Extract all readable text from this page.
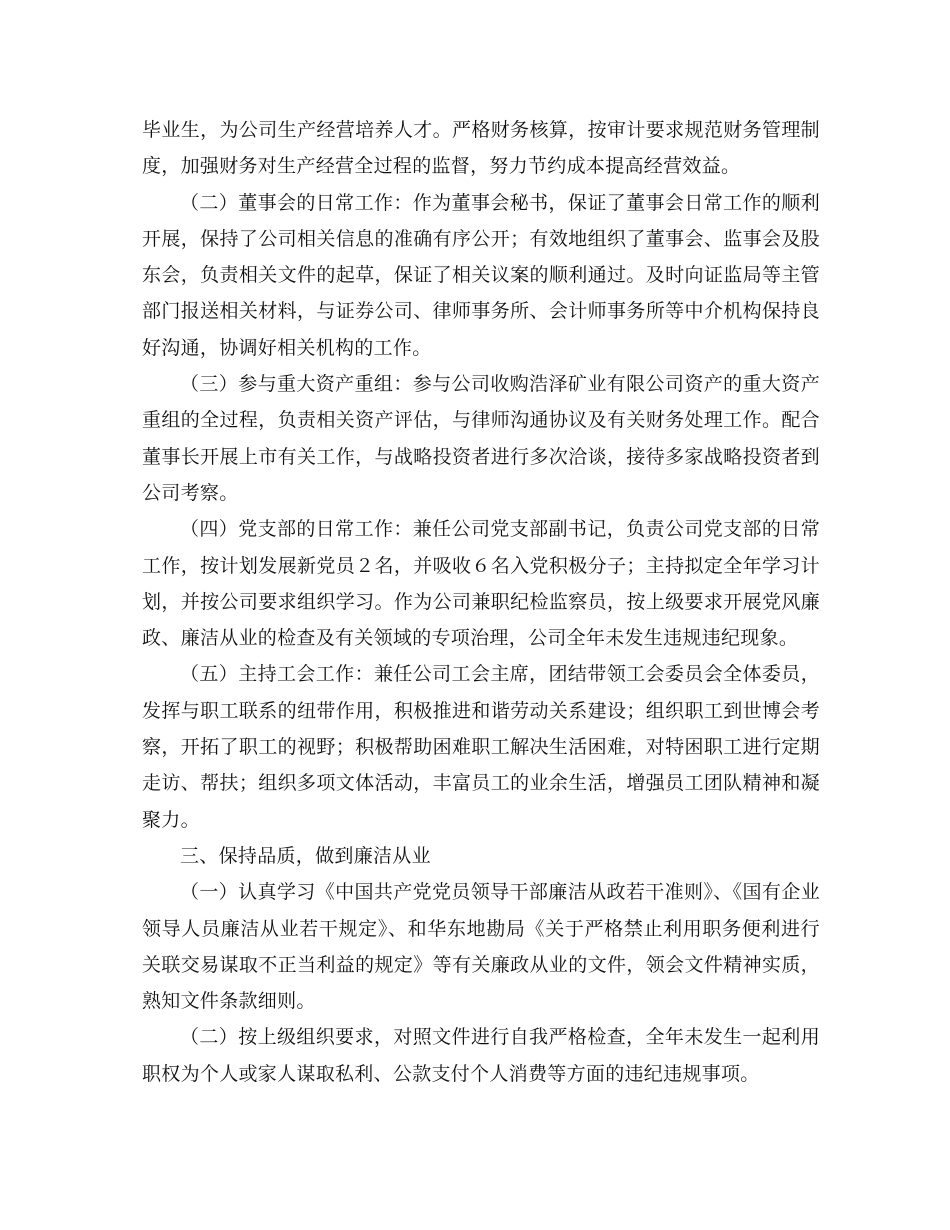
毕业生，为公司生产经营培养人才。严格财务核算，按审计要求规范财务管理制度，加强财务对生产经营全过程的监督，努力节约成本提高经营效益。

（二）董事会的日常工作：作为董事会秘书，保证了董事会日常工作的顺利开展，保持了公司相关信息的准确有序公开；有效地组织了董事会、监事会及股东会，负责相关文件的起草，保证了相关议案的顺利通过。及时向证监局等主管部门报送相关材料，与证券公司、律师事务所、会计师事务所等中介机构保持良好沟通，协调好相关机构的工作。

（三）参与重大资产重组：参与公司收购浩泽矿业有限公司资产的重大资产重组的全过程，负责相关资产评估，与律师沟通协议及有关财务处理工作。配合董事长开展上市有关工作，与战略投资者进行多次洽谈，接待多家战略投资者到公司考察。

（四）党支部的日常工作：兼任公司党支部副书记，负责公司党支部的日常工作，按计划发展新党员２名，并吸收６名入党积极分子；主持拟定全年学习计划，并按公司要求组织学习。作为公司兼职纪检监察员，按上级要求开展党风廉政、廉洁从业的检查及有关领域的专项治理，公司全年未发生违规违纪现象。

（五）主持工会工作：兼任公司工会主席，团结带领工会委员会全体委员，发挥与职工联系的纽带作用，积极推进和谐劳动关系建设；组织职工到世博会考察，开拓了职工的视野；积极帮助困难职工解决生活困难，对特困职工进行定期走访、帮扶；组织多项文体活动，丰富员工的业余生活，增强员工团队精神和凝聚力。

三、保持品质，做到廉洁从业

（一）认真学习《中国共产党党员领导干部廉洁从政若干准则》、《国有企业领导人员廉洁从业若干规定》、和华东地勘局《关于严格禁止利用职务便利进行关联交易谋取不正当利益的规定》等有关廉政从业的文件，领会文件精神实质，熟知文件条款细则。

（二）按上级组织要求，对照文件进行自我严格检查，全年未发生一起利用职权为个人或家人谋取私利、公款支付个人消费等方面的违纪违规事项。
